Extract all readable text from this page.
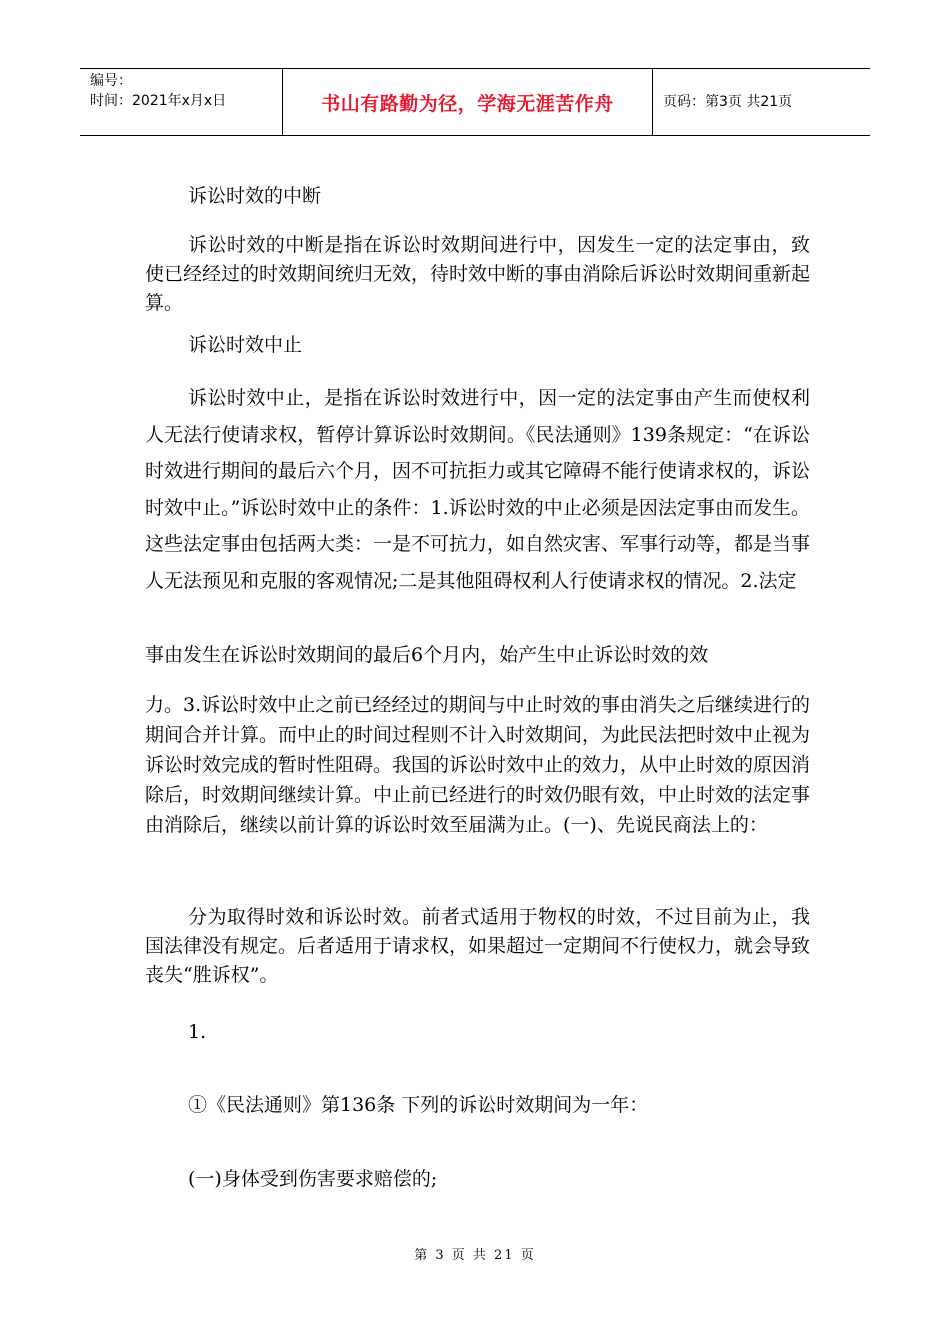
编号：
时间：2021年x月x日	书山有路勤为径，学海无涯苦作舟	页码：第3页 共21页

诉讼时效的中断

诉讼时效的中断是指在诉讼时效期间进行中，因发生一定的法定事由，致使已经经过的时效期间统归无效，待时效中断的事由消除后诉讼时效期间重新起算。

诉讼时效中止

诉讼时效中止，是指在诉讼时效进行中，因一定的法定事由产生而使权利人无法行使请求权，暂停计算诉讼时效期间。《民法通则》139条规定：“在诉讼时效进行期间的最后六个月，因不可抗拒力或其它障碍不能行使请求权的，诉讼时效中止。”诉讼时效中止的条件：1.诉讼时效的中止必须是因法定事由而发生。这些法定事由包括两大类：一是不可抗力，如自然灾害、军事行动等，都是当事人无法预见和克服的客观情况;二是其他阻碍权利人行使请求权的情况。2.法定

事由发生在诉讼时效期间的最后6个月内，始产生中止诉讼时效的效

力。3.诉讼时效中止之前已经经过的期间与中止时效的事由消失之后继续进行的期间合并计算。而中止的时间过程则不计入时效期间，为此民法把时效中止视为诉讼时效完成的暂时性阻碍。我国的诉讼时效中止的效力，从中止时效的原因消除后，时效期间继续计算。中止前已经进行的时效仍眼有效，中止时效的法定事由消除后，继续以前计算的诉讼时效至届满为止。(一)、先说民商法上的：

分为取得时效和诉讼时效。前者式适用于物权的时效，不过目前为止，我国法律没有规定。后者适用于请求权，如果超过一定期间不行使权力，就会导致丧失“胜诉权”。

1.

①《民法通则》第136条 下列的诉讼时效期间为一年：

(一)身体受到伤害要求赔偿的;

第 3 页 共 21 页
